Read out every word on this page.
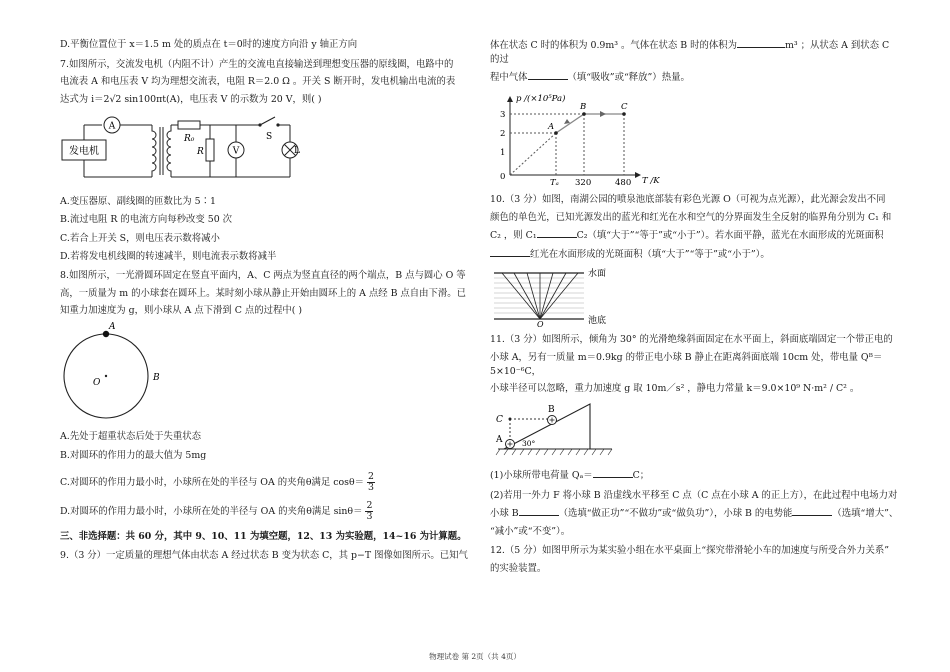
D.平衡位置位于 x＝1.5 m 处的质点在 t＝0时的速度方向沿 y 轴正方向

7.如图所示，交流发电机（内阻不计）产生的交流电直接输送到理想变压器的原线圈，电路中的

电流表 A 和电压表 V 均为理想交流表，电阻 R＝2.0 Ω 。开关 S 断开时，发电机输出电流的表

达式为 i＝2√2 sin100πt(A)，电压表 V 的示数为 20 V，则( )

发电机
A
R₀
R	V
S
L

A.变压器原、副线圈的匝数比为 5∶1

B.流过电阻 R 的电流方向每秒改变 50 次

C.若合上开关 S，则电压表示数将减小

D.若将发电机线圈的转速减半，则电流表示数将减半

8.如图所示，一光滑圆环固定在竖直平面内，A、C 两点为竖直直径的两个端点，B 点与圆心 O 等

高，一质量为 m 的小球套在圆环上。某时刻小球从静止开始由圆环上的 A 点经 B 点自由下滑。已

知重力加速度为 g，则小球从 A 点下滑到 C 点的过程中( )

A
O	B

A.先处于超重状态后处于失重状态

B.对圆环的作用力的最大值为 5mg

C.对圆环的作用力最小时，小球所在处的半径与 OA 的夹角θ满足 $\cos\theta= \frac{2}{3}$

D.对圆环的作用力最小时，小球所在处的半径与 OA 的夹角θ满足 $\sin\theta= \frac{2}{3}$

三、非选择题：共 60 分，其中 9、10、11 为填空题，12、13 为实验题，14~16 为计算题。

9.（3 分）一定质量的理想气体由状态 A 经过状态 B 变为状态 C，其 p−T 图像如图所示。已知气

体在状态 C 时的体积为 0.9m³ 。气体在状态 B 时的体积为	m³ ；从状态 A 到状态 C 的过

程中气体	（填“吸收”或“释放”）热量。

p /(×10⁵Pa)
T /K
3
2
1
0
A
B	C
Tₐ 320	480

10.（3 分）如图，南湖公园的喷泉池底部装有彩色光源 O（可视为点光源），此光源会发出不同

颜色的单色光，已知光源发出的蓝光和红光在水和空气的分界面发生全反射的临界角分别为 C₁ 和

C₂ ，则 C₁	C₂（填“大于”“等于”或“小于”）。若水面平静，蓝光在水面形成的光斑面积

红光在水面形成的光斑面积（填“大于”“等于”或“小于”）。

水面
池底
O

11.（3 分）如图所示，倾角为 30° 的光滑绝缘斜面固定在水平面上，斜面底端固定一个带正电的

小球 A，另有一质量 m＝0.9kg 的带正电小球 B 静止在距离斜面底端 10cm 处，带电量 Qᴮ＝5×10⁻⁶C，

小球半径可以忽略，重力加速度 g 取 10m／s² ，静电力常量 k＝9.0×10⁹ N·m² / C² 。

C
B
A	30°

(1)小球所带电荷量 Qₐ＝	C；

(2)若用一外力 F 将小球 B 沿虚线水平移至 C 点（C 点在小球 A 的正上方），在此过程中电场力对

小球 B	（选填“做正功”“不做功”或“做负功”），小球 B 的电势能	（选填“增大”、

“减小”或“不变”）。

12.（5 分）如图甲所示为某实验小组在水平桌面上“探究带滑轮小车的加速度与所受合外力关系”

的实验装置。

物理试卷 第 2页（共 4页）
